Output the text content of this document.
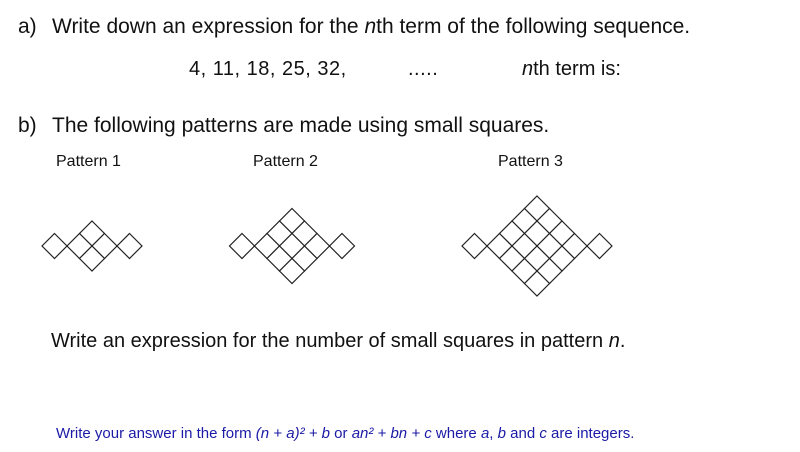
a) Write down an expression for the nth term of the following sequence.
4, 11, 18, 25, 32,	.....	nth term is:
b) The following patterns are made using small squares.
Pattern 1	Pattern 2	Pattern 3
Write an expression for the number of small squares in pattern n.
Write your answer in the form (n + a)² + b or an² + bn + c where a, b and c are integers.
